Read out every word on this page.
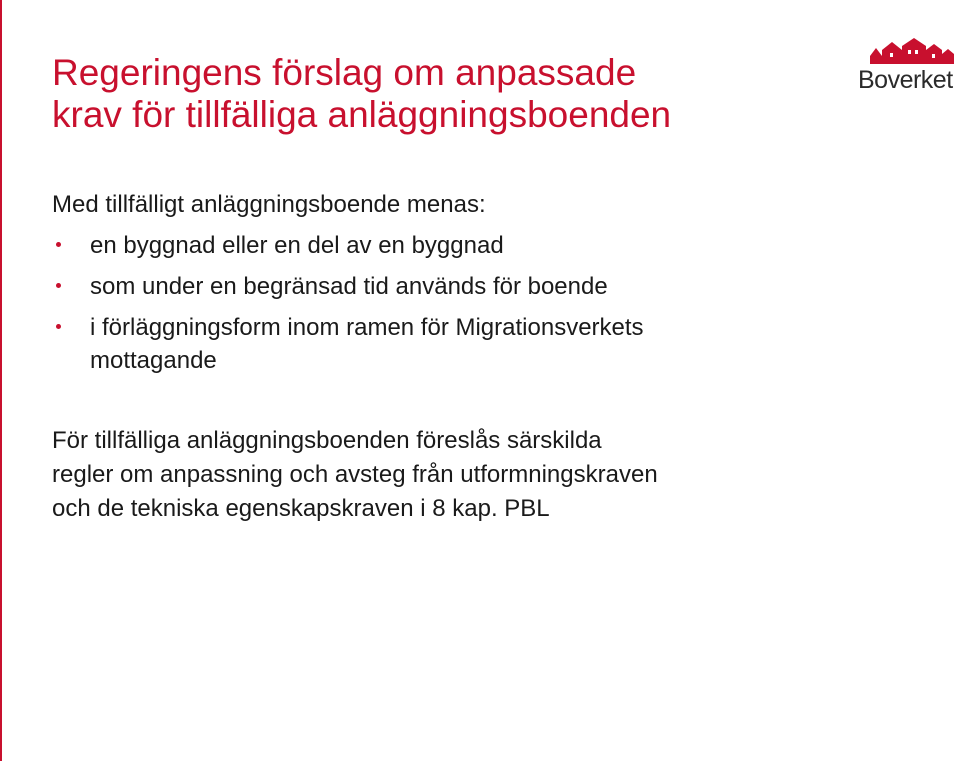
Regeringens förslag om anpassade
krav för tillfälliga anläggningsboenden
Boverket

Med tillfälligt anläggningsboende menas:

en byggnad eller en del av en byggnad
som under en begränsad tid används för boende
i förläggningsform inom ramen för Migrationsverkets
mottagande

För tillfälliga anläggningsboenden föreslås särskilda
regler om anpassning och avsteg från utformningskraven
och de tekniska egenskapskraven i 8 kap. PBL
